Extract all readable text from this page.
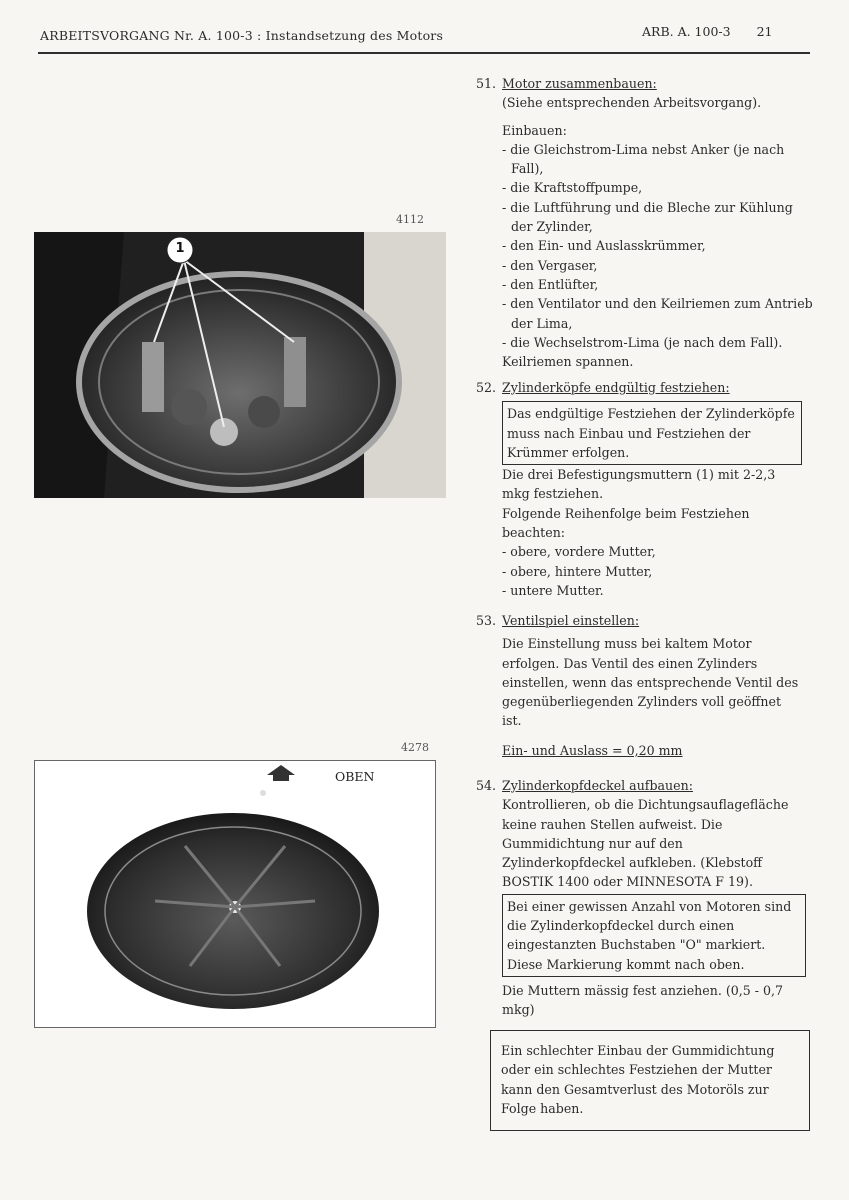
ARBEITSVORGANG Nr. A. 100-3 : Instandsetzung des Motors	ARB. A. 100-3 21
4112
1
4278
OBEN

51. Motor zusammenbauen:

(Siehe entsprechenden Arbeitsvorgang).

Einbauen:

- die Gleichstrom-Lima nebst Anker (je nach Fall),

- die Kraftstoffpumpe,

- die Luftführung und die Bleche zur Kühlung der Zylinder,

- den Ein- und Auslasskrümmer,

- den Vergaser,

- den Entlüfter,

- den Ventilator und den Keilriemen zum Antrieb der Lima,

- die Wechselstrom-Lima (je nach dem Fall).

Keilriemen spannen.

52. Zylinderköpfe endgültig festziehen:

Das endgültige Festziehen der Zylinderköpfe muss nach Einbau und Festziehen der Krümmer erfolgen.

Die drei Befestigungsmuttern (1) mit 2-2,3 mkg festziehen.

Folgende Reihenfolge beim Festziehen beachten:

- obere, vordere Mutter,

- obere, hintere Mutter,

- untere Mutter.

53. Ventilspiel einstellen:

Die Einstellung muss bei kaltem Motor erfolgen. Das Ventil des einen Zylinders einstellen, wenn das entsprechende Ventil des gegenüberliegenden Zylinders voll geöffnet ist.

Ein- und Auslass = 0,20 mm

54. Zylinderkopfdeckel aufbauen:

Kontrollieren, ob die Dichtungsauflagefläche keine rauhen Stellen aufweist. Die Gummidichtung nur auf den Zylinderkopfdeckel aufkleben. (Klebstoff BOSTIK 1400 oder MINNESOTA F 19).

Bei einer gewissen Anzahl von Motoren sind die Zylinderkopfdeckel durch einen eingestanzten Buchstaben "O" markiert.

Diese Markierung kommt nach oben.

Die Muttern mässig fest anziehen. (0,5 - 0,7 mkg)

Ein schlechter Einbau der Gummidichtung oder ein schlechtes Festziehen der Mutter kann den Gesamtverlust des Motoröls zur Folge haben.
